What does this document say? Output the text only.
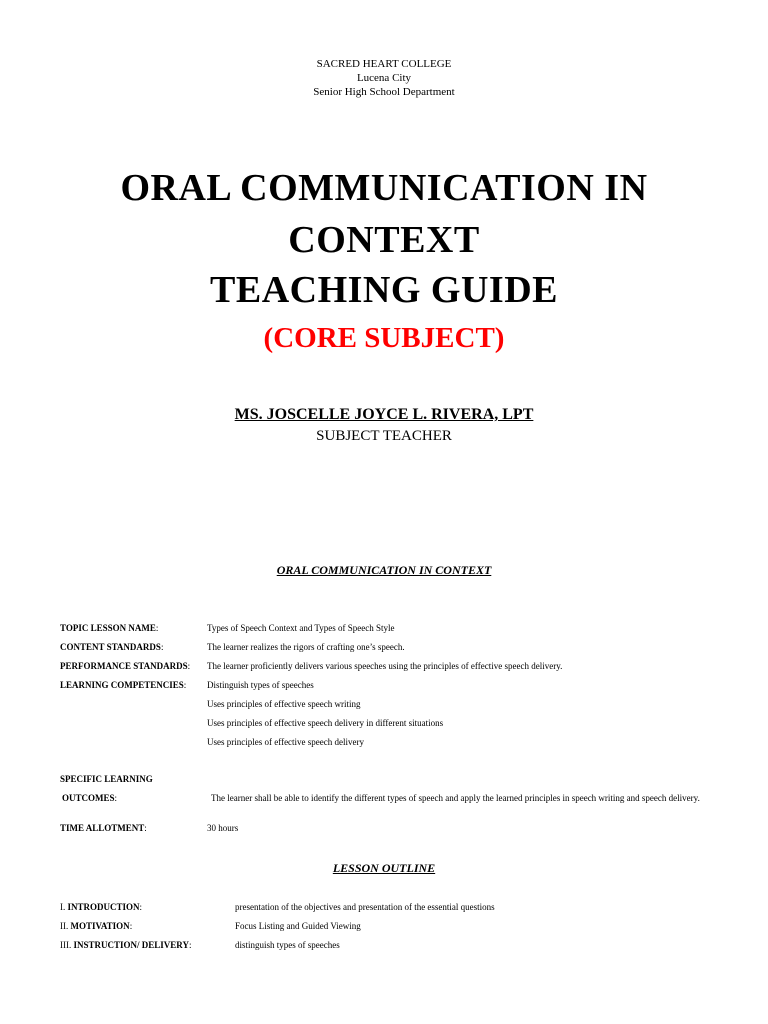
SACRED HEART COLLEGE
Lucena City
Senior High School Department
ORAL COMMUNICATION IN
CONTEXT
TEACHING GUIDE
(CORE SUBJECT)
MS. JOSCELLE JOYCE L. RIVERA, LPT
SUBJECT TEACHER
ORAL COMMUNICATION IN CONTEXT
TOPIC LESSON NAME:	Types of Speech Context and Types of Speech Style
CONTENT STANDARDS:	The learner realizes the rigors of crafting one’s speech.
PERFORMANCE STANDARDS: The learner proficiently delivers various speeches using the principles of effective speech delivery.
LEARNING COMPETENCIES: Distinguish types of speeches
Uses principles of effective speech writing
Uses principles of effective speech delivery in different situations
Uses principles of effective speech delivery
SPECIFIC LEARNING
OUTCOMES:	The learner shall be able to identify the different types of speech and apply the learned principles in speech writing and speech delivery.
TIME ALLOTMENT:	30 hours
LESSON OUTLINE
I. INTRODUCTION:	presentation of the objectives and presentation of the essential questions
II. MOTIVATION:	Focus Listing and Guided Viewing
III. INSTRUCTION/ DELIVERY:	distinguish types of speeches
